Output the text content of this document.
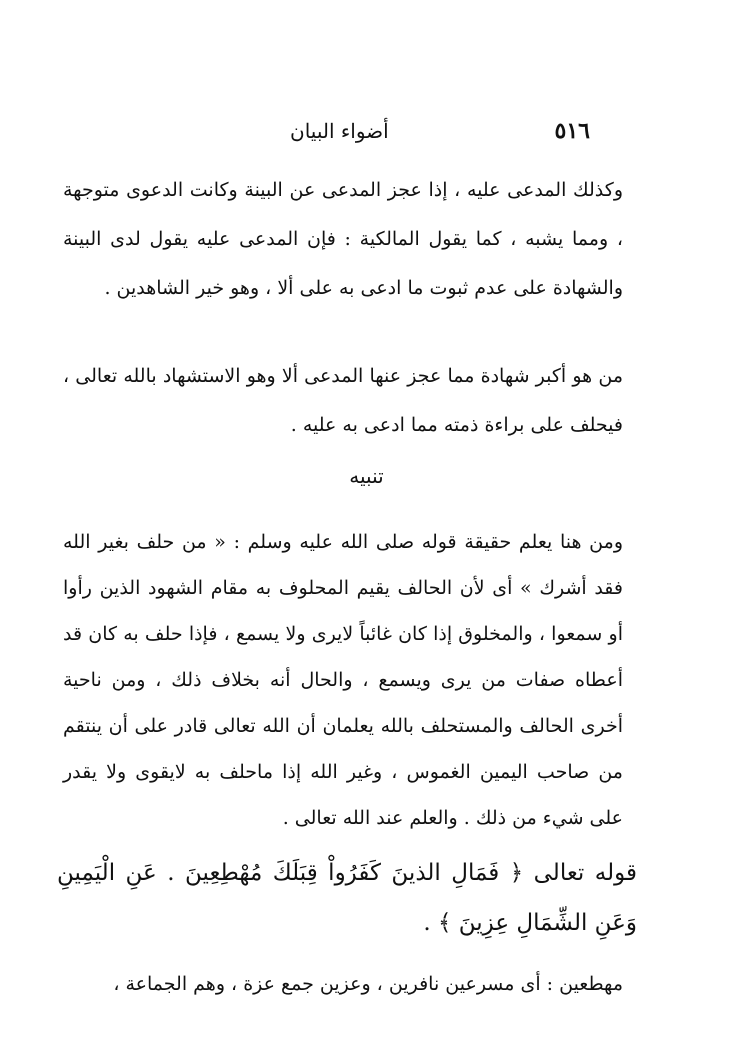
٥١٦
أضواء البيان

وكذلك المدعى عليه ، إذا عجز المدعى عن البينة وكانت الدعوى متوجهة ، ومما يشبه ، كما يقول المالكية : فإن المدعى عليه يقول لدى البينة والشهادة على عدم ثبوت ما ادعى به على ألا ، وهو خير الشاهدين .

من هو أكبر شهادة مما عجز عنها المدعى ألا وهو الاستشهاد بالله تعالى ، فيحلف على براءة ذمته مما ادعى به عليه .

تنبيه

ومن هنا يعلم حقيقة قوله صلى الله عليه وسلم : « من حلف بغير الله فقد أشرك » أى لأن الحالف يقيم المحلوف به مقام الشهود الذين رأوا أو سمعوا ، والمخلوق إذا كان غائباً لايرى ولا يسمع ، فإذا حلف به كان قد أعطاه صفات من يرى ويسمع ، والحال أنه بخلاف ذلك ، ومن ناحية أخرى الحالف والمستحلف بالله يعلمان أن الله تعالى قادر على أن ينتقم من صاحب اليمين الغموس ، وغير الله إذا ماحلف به لايقوى ولا يقدر على شيء من ذلك . والعلم عند الله تعالى .

قوله تعالى ﴿ فَمَالِ الذينَ كَفَرُواْ قِبَلَكَ مُهْطِعِينَ . عَنِ الْيَمِينِ وَعَنِ الشِّمَالِ عِزِينَ ﴾ .

مهطعين : أى مسرعين نافرين ، وعزين جمع عزة ، وهم الجماعة ،
